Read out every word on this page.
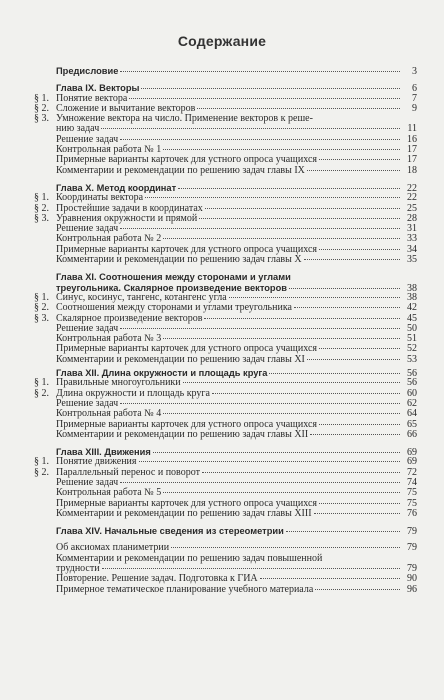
Содержание
Предисловие	3
Глава IX. Векторы	6
§ 1. Понятие вектора	7
§ 2. Сложение и вычитание векторов	9
§ 3. Умножение вектора на число. Применение векторов к реше-
нию задач	11
Решение задач	16
Контрольная работа № 1	17
Примерные варианты карточек для устного опроса учащихся	17
Комментарии и рекомендации по решению задач главы IX	18
Глава X. Метод координат	22
§ 1. Координаты вектора	22
§ 2. Простейшие задачи в координатах	25
§ 3. Уравнения окружности и прямой	28
Решение задач	31
Контрольная работа № 2	33
Примерные варианты карточек для устного опроса учащихся	34
Комментарии и рекомендации по решению задач главы X	35
Глава XI. Соотношения между сторонами и углами
треугольника. Скалярное произведение векторов	38
§ 1. Синус, косинус, тангенс, котангенс угла	38
§ 2. Соотношения между сторонами и углами треугольника	42
§ 3. Скалярное произведение векторов	45
Решение задач	50
Контрольная работа № 3	51
Примерные варианты карточек для устного опроса учащихся	52
Комментарии и рекомендации по решению задач главы XI	53
Глава XII. Длина окружности и площадь круга	56
§ 1. Правильные многоугольники	56
§ 2. Длина окружности и площадь круга	60
Решение задач	62
Контрольная работа № 4	64
Примерные варианты карточек для устного опроса учащихся	65
Комментарии и рекомендации по решению задач главы XII	66
Глава XIII. Движения	69
§ 1. Понятие движения	69
§ 2. Параллельный перенос и поворот	72
Решение задач	74
Контрольная работа № 5	75
Примерные варианты карточек для устного опроса учащихся	75
Комментарии и рекомендации по решению задач главы XIII	76
Глава XIV. Начальные сведения из стереометрии	79
Об аксиомах планиметрии	79
Комментарии и рекомендации по решению задач повышенной
трудности	79
Повторение. Решение задач. Подготовка к ГИА	90
Примерное тематическое планирование учебного материала	96
